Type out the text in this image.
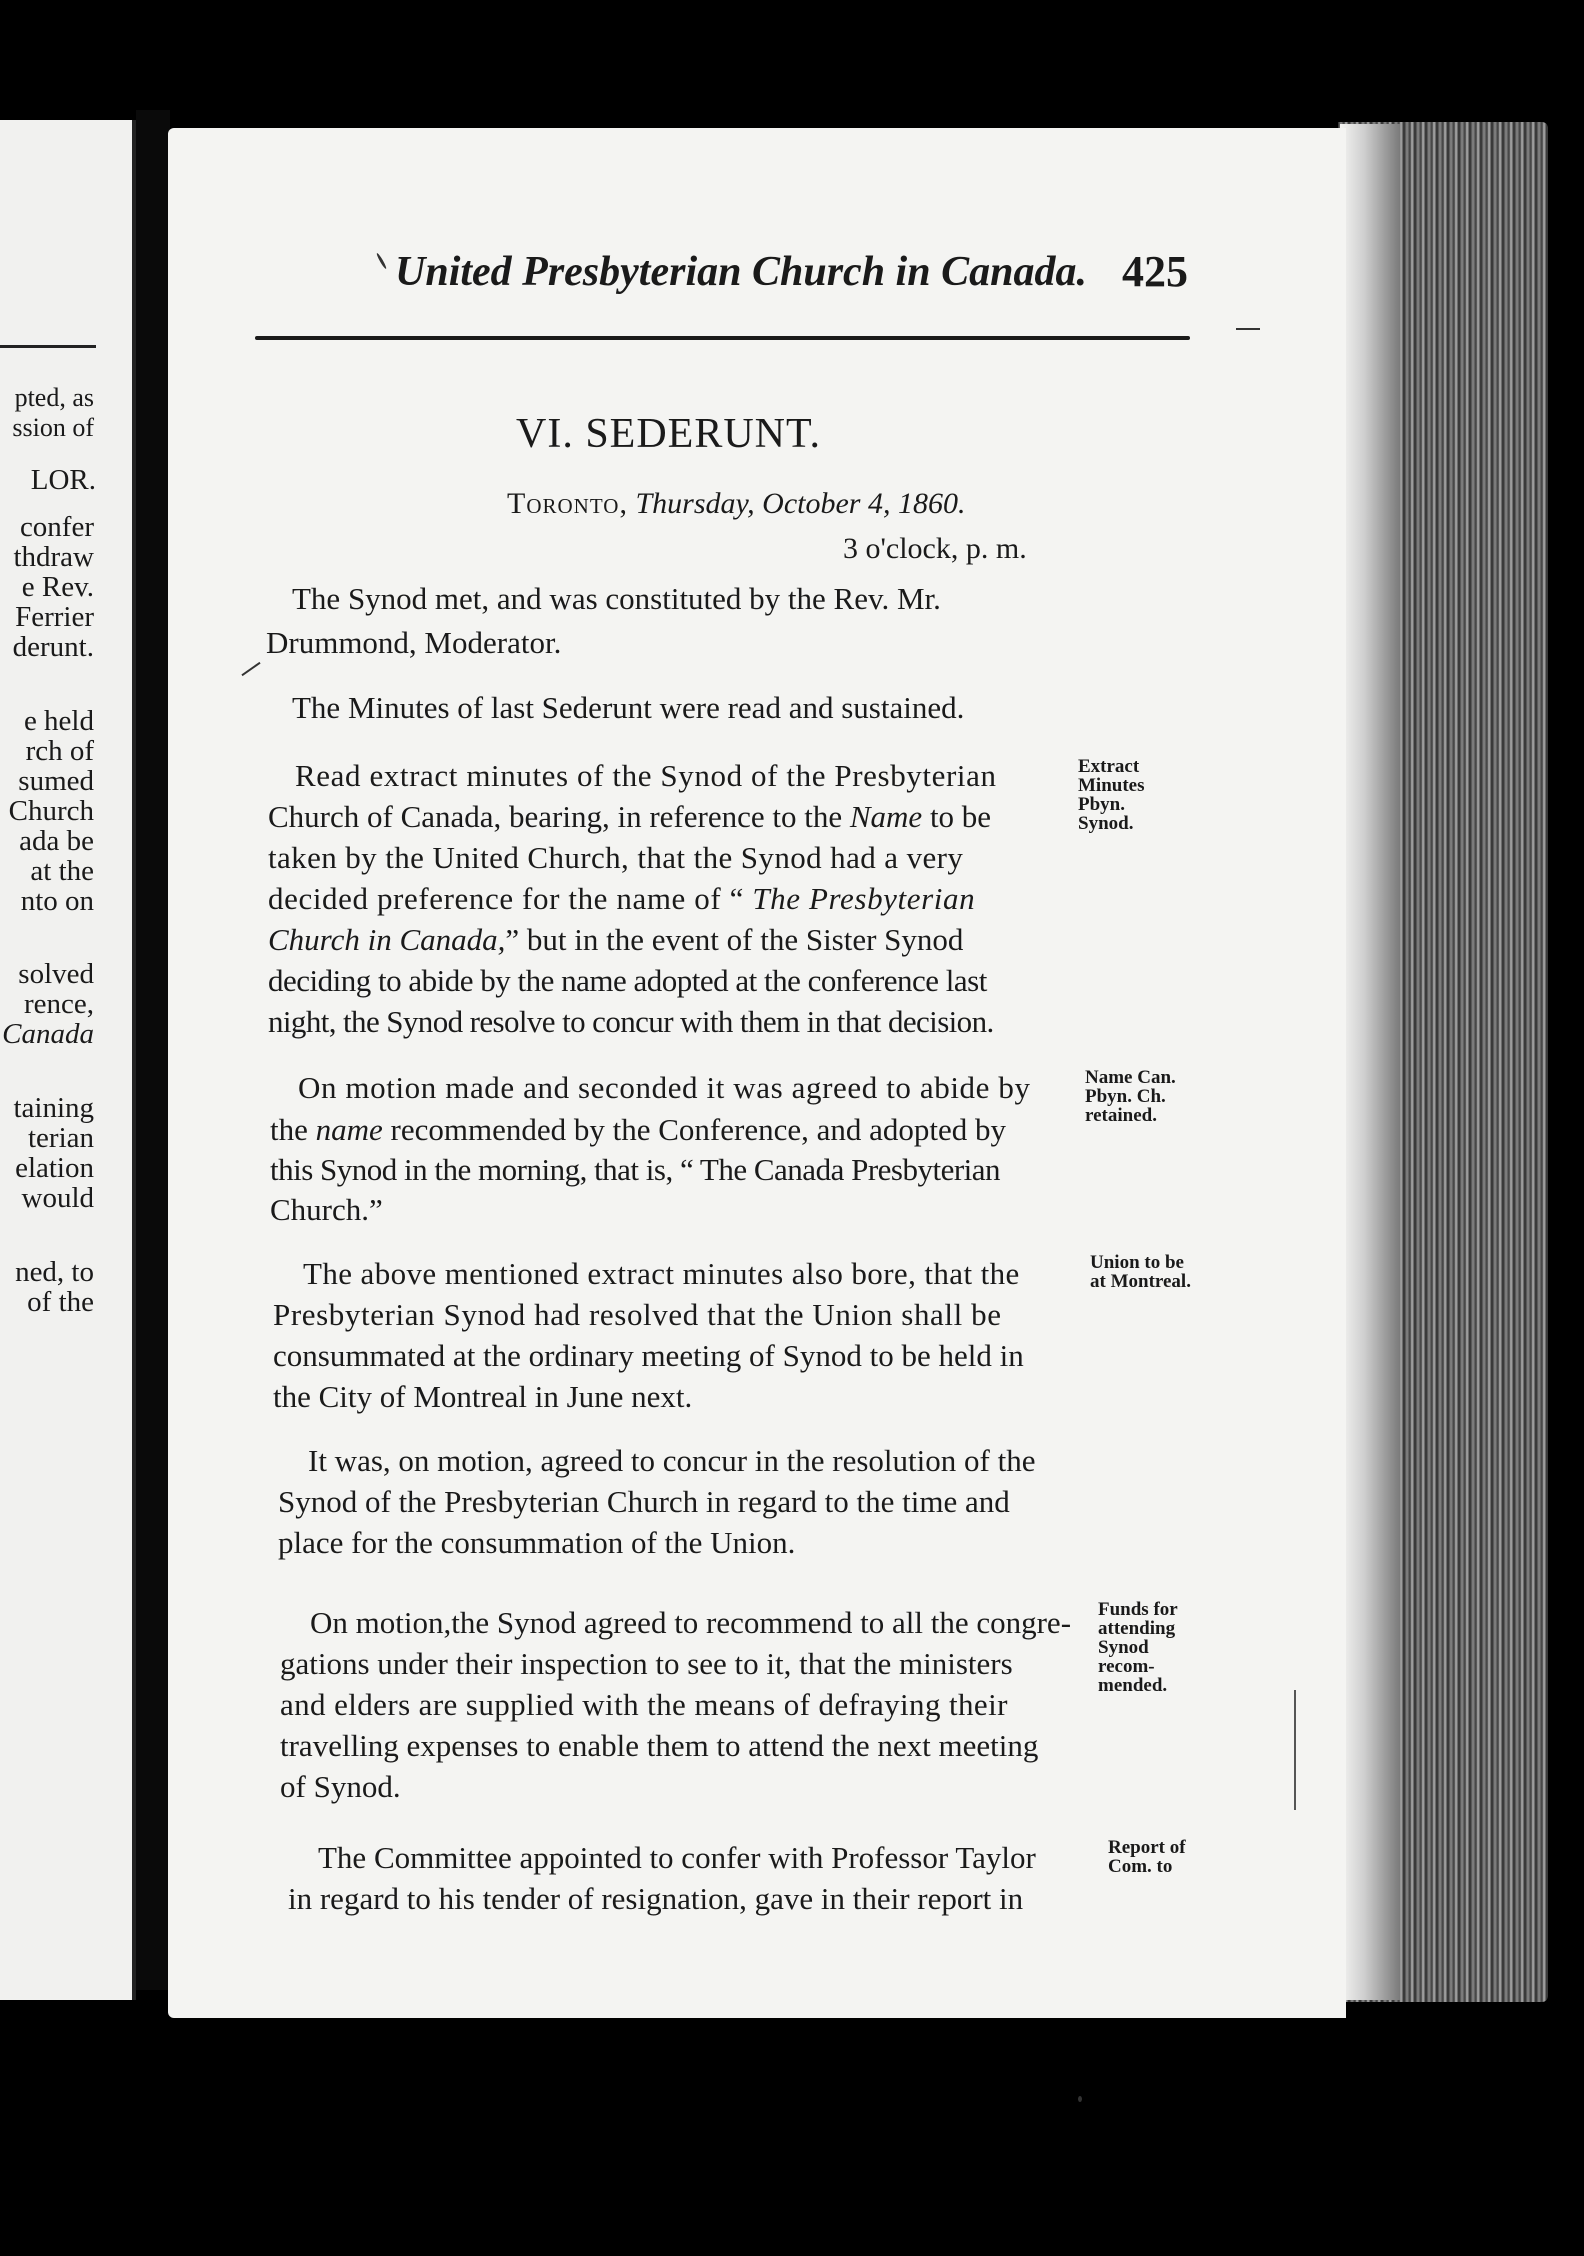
pted, as
ssion of
LOR.
confer
thdraw
e Rev.
Ferrier
derunt.
e held
rch of
sumed
Church
ada be
at the
nto on
solved
rence,
Canada
taining
terian
elation
would
ned, to
of the
United Presbyterian Church in Canada. 425
VI. SEDERUNT.
Toronto, Thursday, October 4, 1860.
3 o'clock, p. m.
The Synod met, and was constituted by the Rev. Mr.
Drummond, Moderator.
The Minutes of last Sederunt were read and sustained.
Read extract minutes of the Synod of the Presbyterian
Church of Canada, bearing, in reference to the Name to be
taken by the United Church, that the Synod had a very
decided preference for the name of “ The Presbyterian
Church in Canada,” but in the event of the Sister Synod
deciding to abide by the name adopted at the conference last
night, the Synod resolve to concur with them in that decision.
On motion made and seconded it was agreed to abide by
the name recommended by the Conference, and adopted by
this Synod in the morning, that is, “ The Canada Presbyterian
Church.”
The above mentioned extract minutes also bore, that the
Presbyterian Synod had resolved that the Union shall be
consummated at the ordinary meeting of Synod to be held in
the City of Montreal in June next.
It was, on motion, agreed to concur in the resolution of the
Synod of the Presbyterian Church in regard to the time and
place for the consummation of the Union.
On motion,the Synod agreed to recommend to all the congre-
gations under their inspection to see to it, that the ministers
and elders are supplied with the means of defraying their
travelling expenses to enable them to attend the next meeting
of Synod.
The Committee appointed to confer with Professor Taylor
in regard to his tender of resignation, gave in their report in
Extract
Minutes
Pbyn.
Synod.
Name Can.
Pbyn. Ch.
retained.
Union to be
at Montreal.
Funds for
attending
Synod
recom-
mended.
Report of
Com. to
